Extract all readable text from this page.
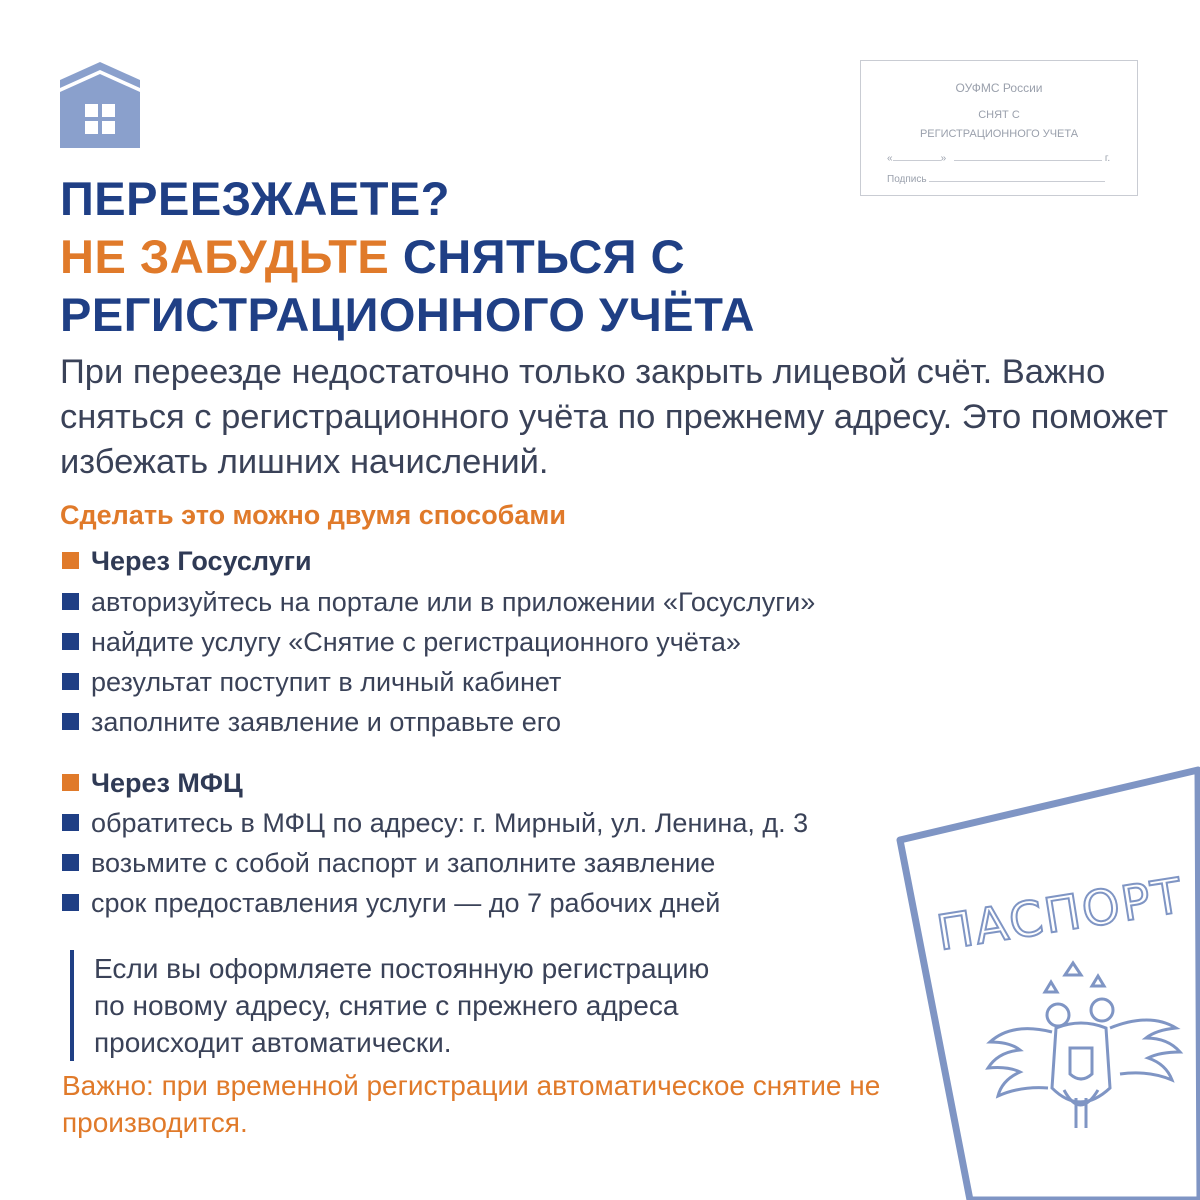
ОУФМС России
СНЯТ С
РЕГИСТРАЦИОННОГО УЧЕТА
«	»	г.
Подпись
ПЕРЕЕЗЖАЕТЕ?
НЕ ЗАБУДЬТЕ СНЯТЬСЯ С
РЕГИСТРАЦИОННОГО УЧЁТА

При переезде недостаточно только закрыть лицевой счёт. Важно сняться с регистрационного учёта по прежнему адресу. Это поможет избежать лишних начислений.

Сделать это можно двумя способами

Через Госуслуги

авторизуйтесь на портале или в приложении «Госуслуги»

найдите услугу «Снятие с регистрационного учёта»

результат поступит в личный кабинет

заполните заявление и отправьте его

Через МФЦ

обратитесь в МФЦ по адресу: г. Мирный, ул. Ленина, д. 3

возьмите с собой паспорт и заполните заявление

срок предоставления услуги — до 7 рабочих дней

Если вы оформляете постоянную регистрацию

по новому адресу, снятие с прежнего адреса

происходит автоматически.

Важно: при временной регистрации автоматическое снятие не производится.

ПАСПОРТ
